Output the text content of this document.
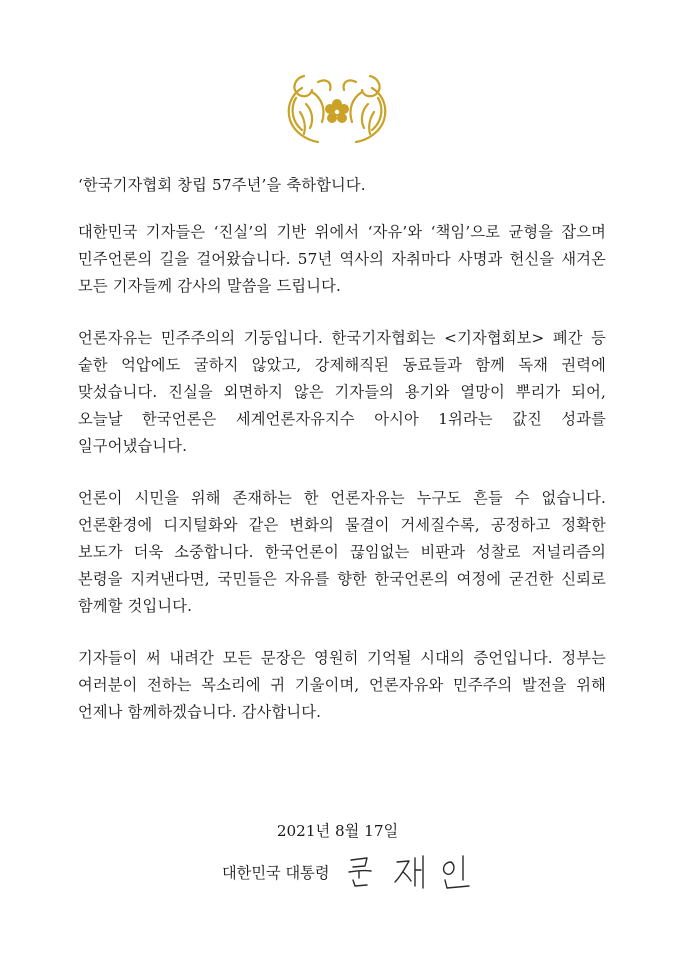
‘한국기자협회 창립 57주년’을 축하합니다.

대한민국 기자들은 ‘진실’의 기반 위에서 ‘자유’와 ‘책임’으로 균형을 잡으며 민주언론의 길을 걸어왔습니다. 57년 역사의 자취마다 사명과 헌신을 새겨온 모든 기자들께 감사의 말씀을 드립니다.

언론자유는 민주주의의 기둥입니다. 한국기자협회는 <기자협회보> 폐간 등 숱한 억압에도 굴하지 않았고, 강제해직된 동료들과 함께 독재 권력에 맞섰습니다. 진실을 외면하지 않은 기자들의 용기와 열망이 뿌리가 되어, 오늘날 한국언론은 세계언론자유지수 아시아 1위라는 값진 성과를 일구어냈습니다.

언론이 시민을 위해 존재하는 한 언론자유는 누구도 흔들 수 없습니다. 언론환경에 디지털화와 같은 변화의 물결이 거세질수록, 공정하고 정확한 보도가 더욱 소중합니다. 한국언론이 끊임없는 비판과 성찰로 저널리즘의 본령을 지켜낸다면, 국민들은 자유를 향한 한국언론의 여정에 굳건한 신뢰로 함께할 것입니다.

기자들이 써 내려간 모든 문장은 영원히 기억될 시대의 증언입니다. 정부는 여러분이 전하는 목소리에 귀 기울이며, 언론자유와 민주주의 발전을 위해 언제나 함께하겠습니다. 감사합니다.

2021년 8월 17일
대한민국 대통령
